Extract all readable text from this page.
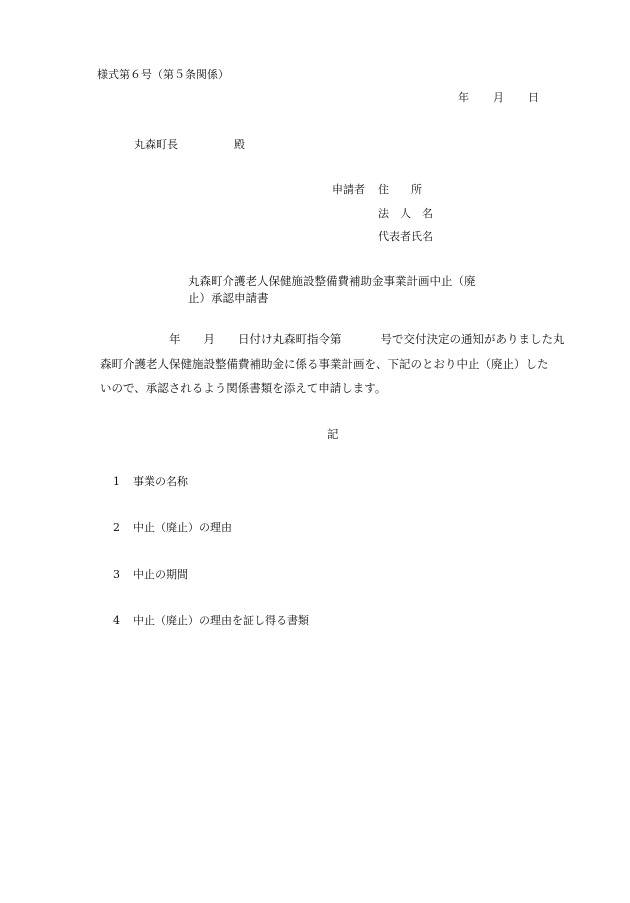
様式第６号（第５条関係）
年 月 日
丸森町長	殿
申請者 住　　所
法　人　名
代表者氏名
丸森町介護老人保健施設整備費補助金事業計画中止（廃
止）承認申請書
年 月 日付け丸森町指令第	号で交付決定の通知がありました丸
森町介護老人保健施設整備費補助金に係る事業計画を、下記のとおり中止（廃止）した
いので、承認されるよう関係書類を添えて申請します。
記
1 事業の名称
2 中止（廃止）の理由
3 中止の期間
4 中止（廃止）の理由を証し得る書類
